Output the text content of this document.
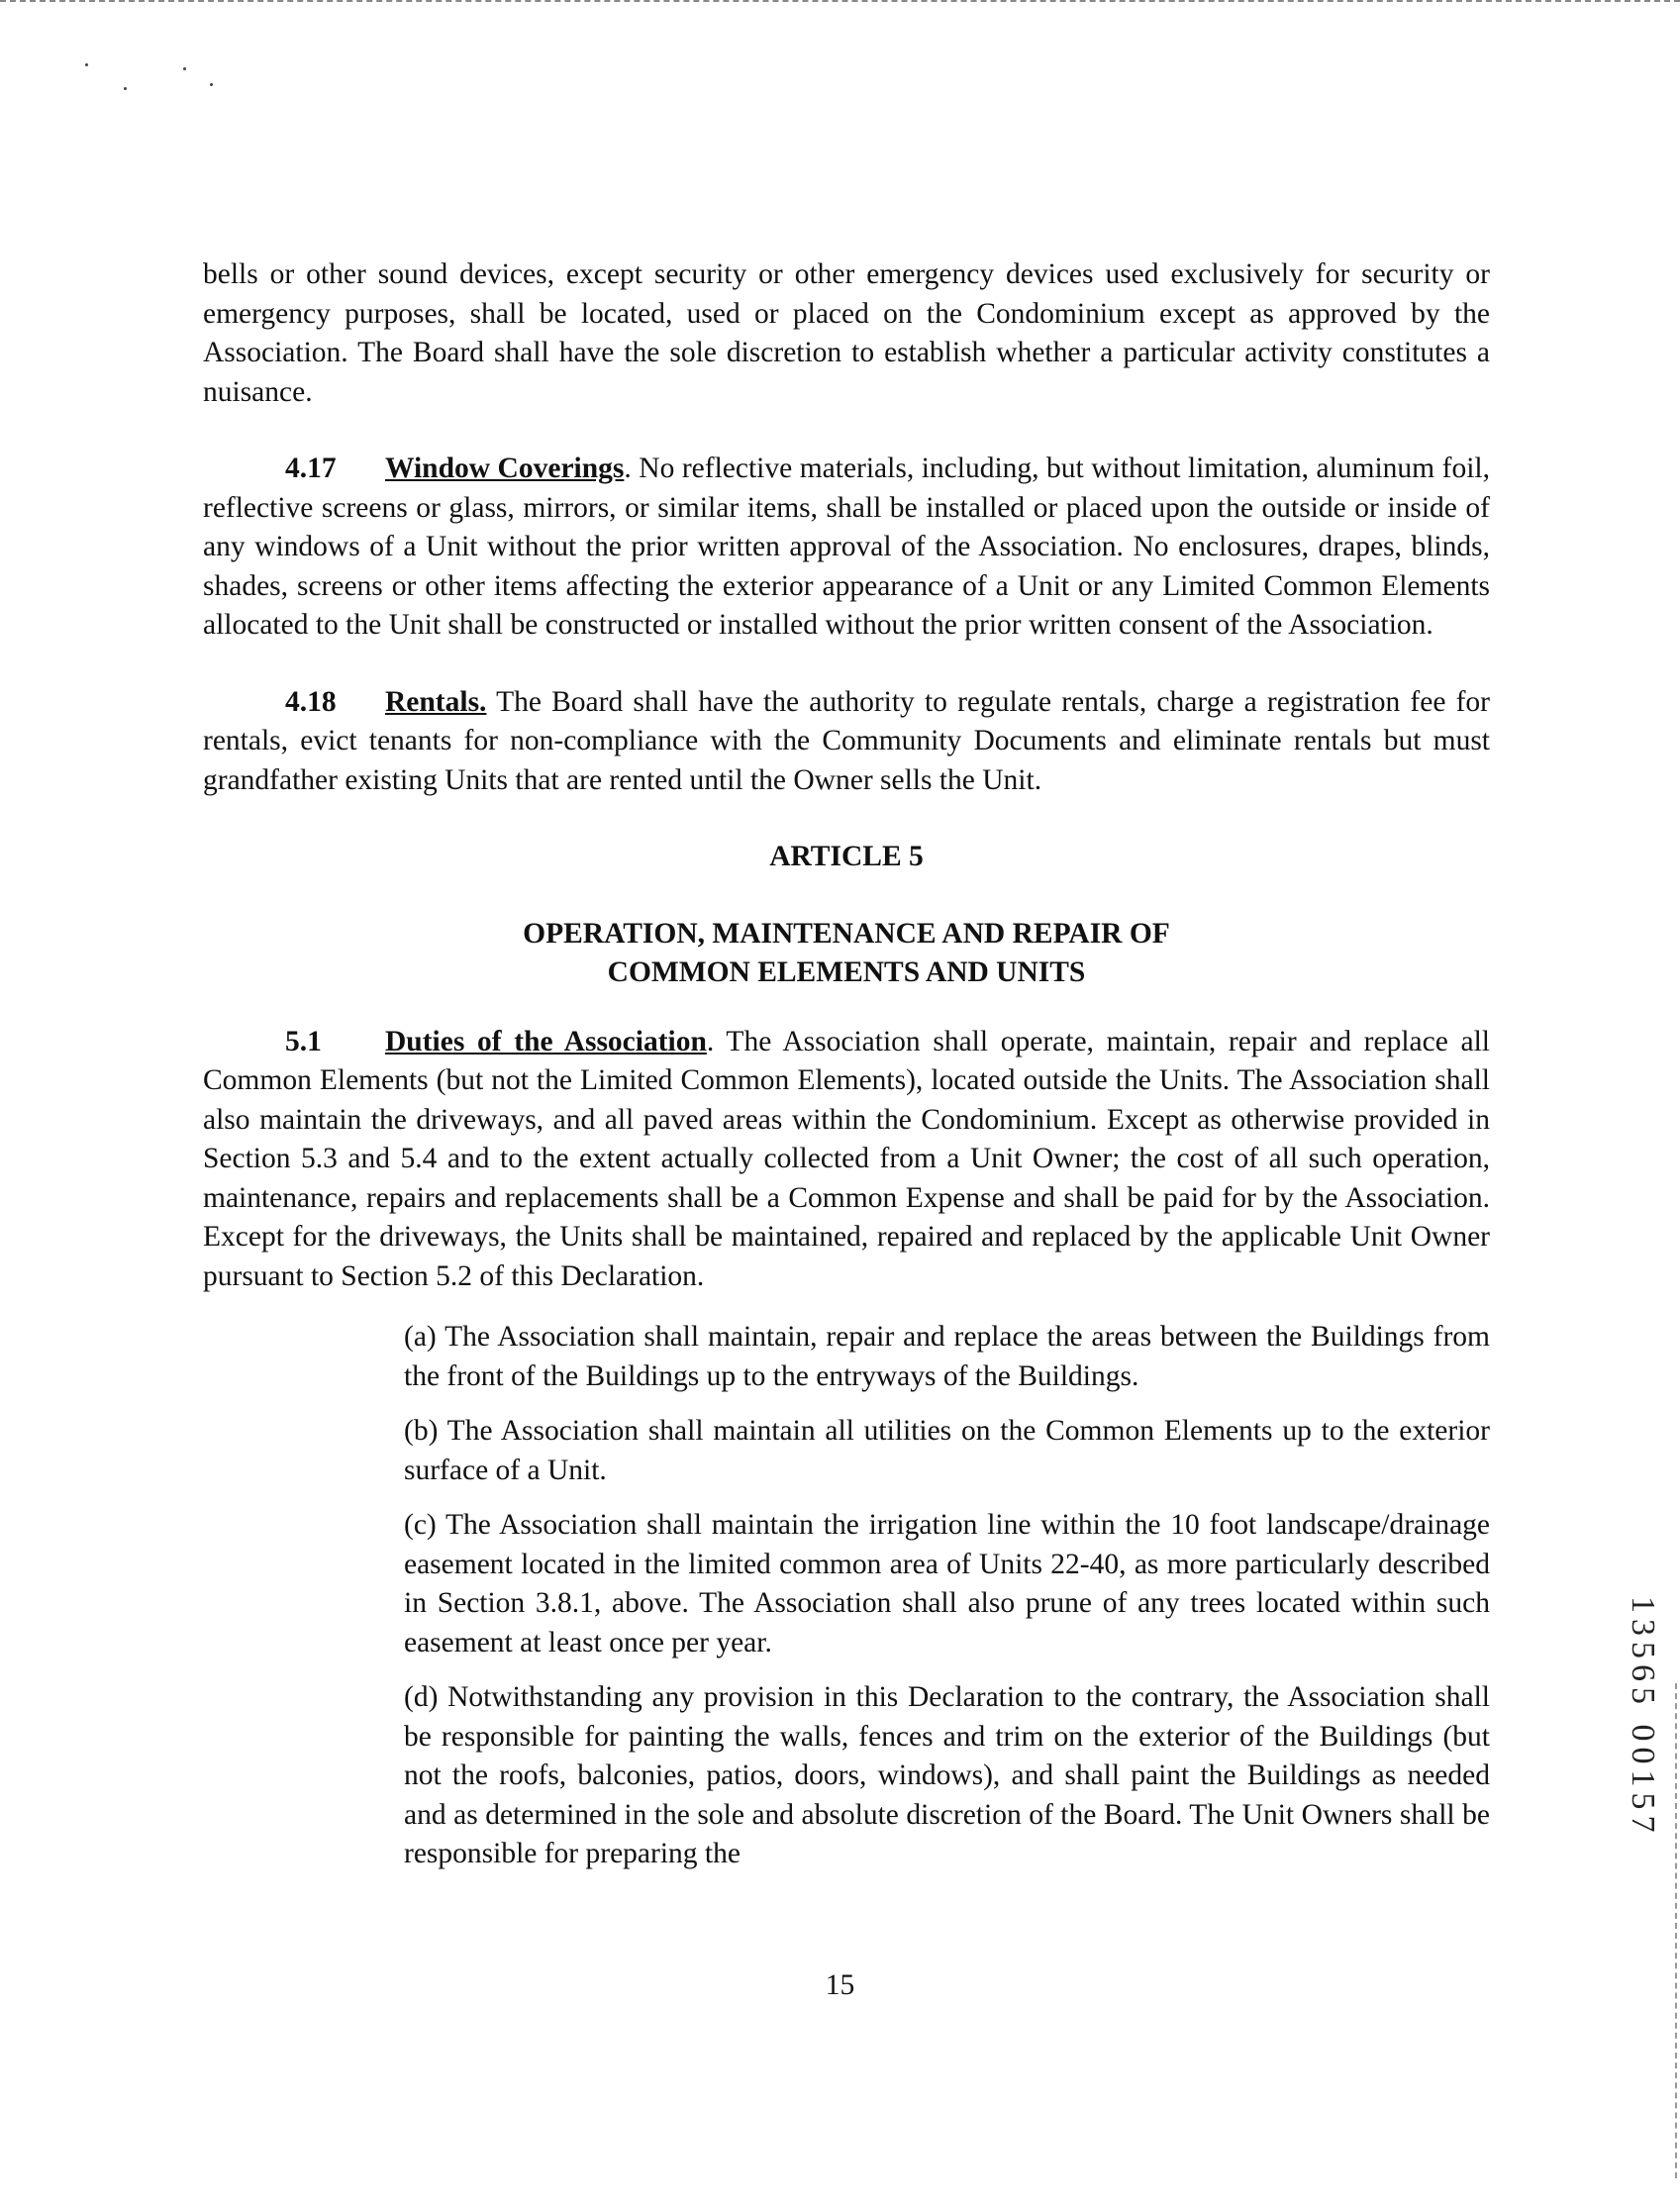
bells or other sound devices, except security or other emergency devices used exclusively for security or emergency purposes, shall be located, used or placed on the Condominium except as approved by the Association. The Board shall have the sole discretion to establish whether a particular activity constitutes a nuisance.

4.17 Window Coverings. No reflective materials, including, but without limitation, aluminum foil, reflective screens or glass, mirrors, or similar items, shall be installed or placed upon the outside or inside of any windows of a Unit without the prior written approval of the Association. No enclosures, drapes, blinds, shades, screens or other items affecting the exterior appearance of a Unit or any Limited Common Elements allocated to the Unit shall be constructed or installed without the prior written consent of the Association.

4.18 Rentals. The Board shall have the authority to regulate rentals, charge a registration fee for rentals, evict tenants for non-compliance with the Community Documents and eliminate rentals but must grandfather existing Units that are rented until the Owner sells the Unit.

ARTICLE 5

OPERATION, MAINTENANCE AND REPAIR OF

COMMON ELEMENTS AND UNITS

5.1 Duties of the Association. The Association shall operate, maintain, repair and replace all Common Elements (but not the Limited Common Elements), located outside the Units. The Association shall also maintain the driveways, and all paved areas within the Condominium. Except as otherwise provided in Section 5.3 and 5.4 and to the extent actually collected from a Unit Owner; the cost of all such operation, maintenance, repairs and replacements shall be a Common Expense and shall be paid for by the Association. Except for the driveways, the Units shall be maintained, repaired and replaced by the applicable Unit Owner pursuant to Section 5.2 of this Declaration.

(a) The Association shall maintain, repair and replace the areas between the Buildings from the front of the Buildings up to the entryways of the Buildings.

(b) The Association shall maintain all utilities on the Common Elements up to the exterior surface of a Unit.

(c) The Association shall maintain the irrigation line within the 10 foot landscape/drainage easement located in the limited common area of Units 22-40, as more particularly described in Section 3.8.1, above. The Association shall also prune of any trees located within such easement at least once per year.

(d) Notwithstanding any provision in this Declaration to the contrary, the Association shall be responsible for painting the walls, fences and trim on the exterior of the Buildings (but not the roofs, balconies, patios, doors, windows), and shall paint the Buildings as needed and as determined in the sole and absolute discretion of the Board. The Unit Owners shall be responsible for preparing the

15
13565 00157
